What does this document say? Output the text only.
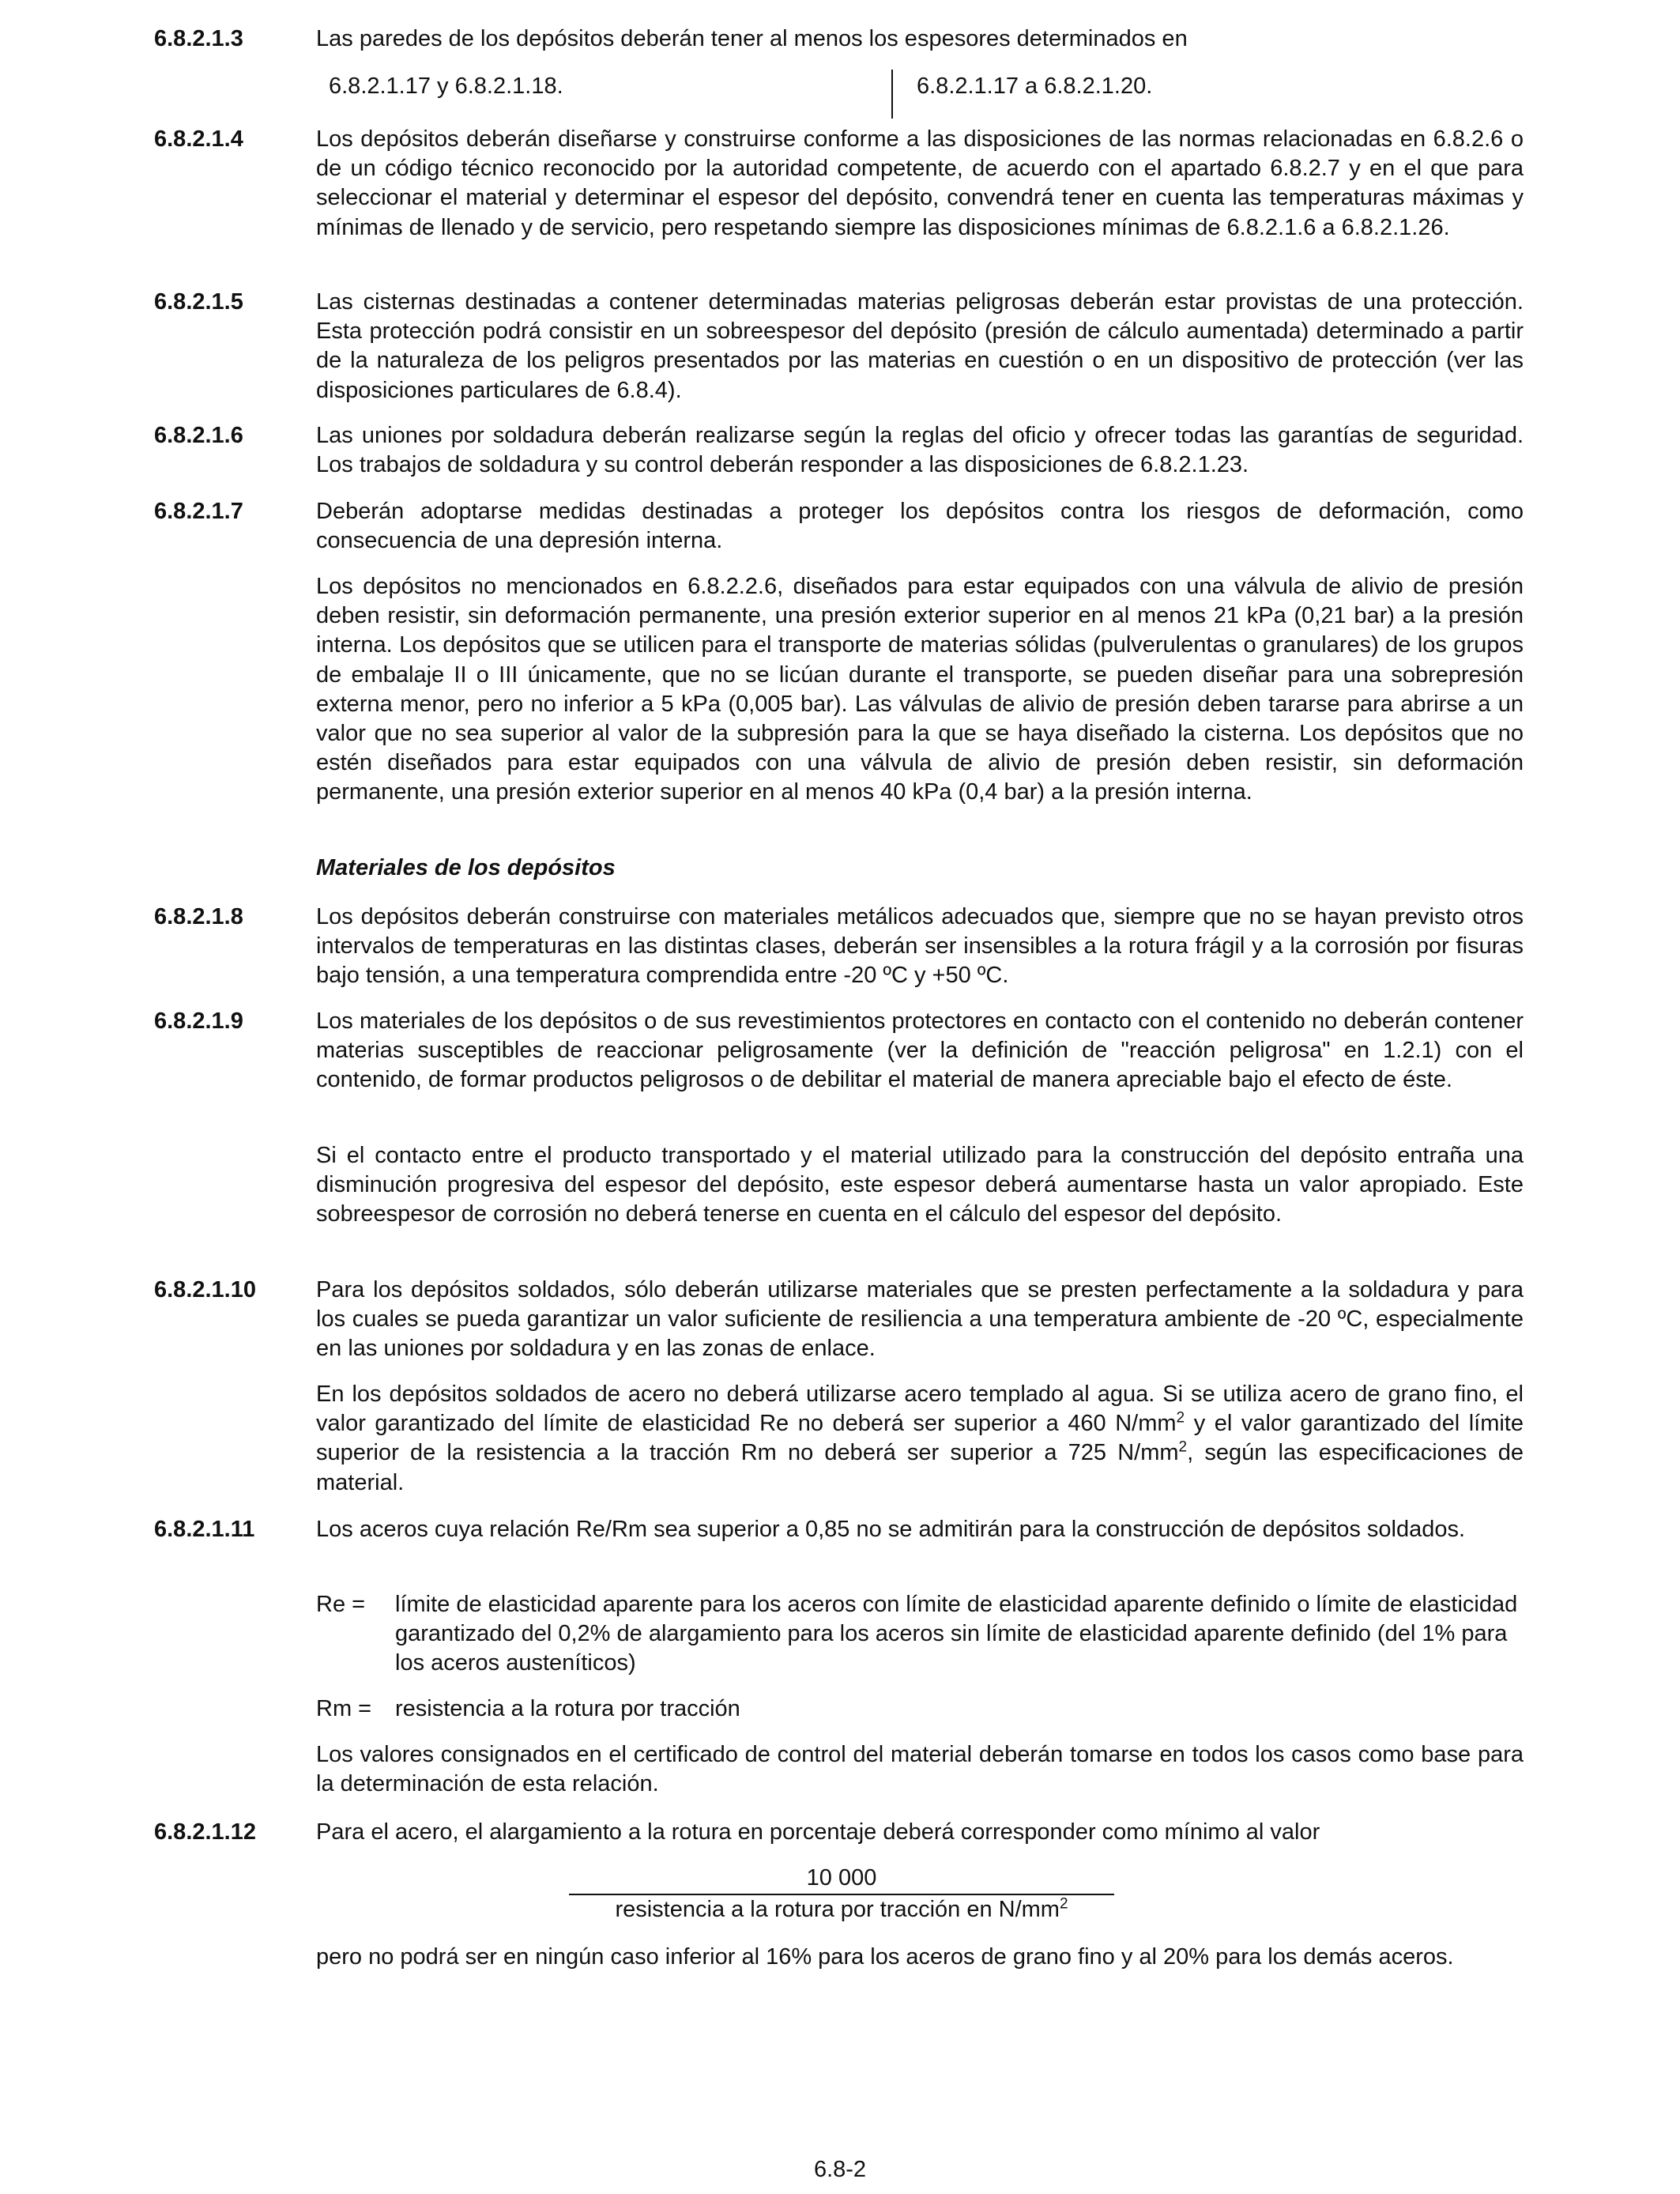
6.8.2.1.3	Las paredes de los depósitos deberán tener al menos los espesores determinados en
6.8.2.1.17 y 6.8.2.1.18.	6.8.2.1.17 a 6.8.2.1.20.
6.8.2.1.4	Los depósitos deberán diseñarse y construirse conforme a las disposiciones de las normas relacionadas en 6.8.2.6 o de un código técnico reconocido por la autoridad competente, de acuerdo con el apartado 6.8.2.7 y en el que para seleccionar el material y determinar el espesor del depósito, convendrá tener en cuenta las temperaturas máximas y mínimas de llenado y de servicio, pero respetando siempre las disposiciones mínimas de 6.8.2.1.6 a 6.8.2.1.26.
6.8.2.1.5	Las cisternas destinadas a contener determinadas materias peligrosas deberán estar provistas de una protección. Esta protección podrá consistir en un sobreespesor del depósito (presión de cálculo aumentada) determinado a partir de la naturaleza de los peligros presentados por las materias en cuestión o en un dispositivo de protección (ver las disposiciones particulares de 6.8.4).
6.8.2.1.6	Las uniones por soldadura deberán realizarse según la reglas del oficio y ofrecer todas las garantías de seguridad. Los trabajos de soldadura y su control deberán responder a las disposiciones de 6.8.2.1.23.
6.8.2.1.7	Deberán adoptarse medidas destinadas a proteger los depósitos contra los riesgos de deformación, como consecuencia de una depresión interna.
Los depósitos no mencionados en 6.8.2.2.6, diseñados para estar equipados con una válvula de alivio de presión deben resistir, sin deformación permanente, una presión exterior superior en al menos 21 kPa (0,21 bar) a la presión interna. Los depósitos que se utilicen para el transporte de materias sólidas (pulverulentas o granulares) de los grupos de embalaje II o III únicamente, que no se licúan durante el transporte, se pueden diseñar para una sobrepresión externa menor, pero no inferior a 5 kPa (0,005 bar). Las válvulas de alivio de presión deben tararse para abrirse a un valor que no sea superior al valor de la subpresión para la que se haya diseñado la cisterna. Los depósitos que no estén diseñados para estar equipados con una válvula de alivio de presión deben resistir, sin deformación permanente, una presión exterior superior en al menos 40 kPa (0,4 bar) a la presión interna.
Materiales de los depósitos
6.8.2.1.8	Los depósitos deberán construirse con materiales metálicos adecuados que, siempre que no se hayan previsto otros intervalos de temperaturas en las distintas clases, deberán ser insensibles a la rotura frágil y a la corrosión por fisuras bajo tensión, a una temperatura comprendida entre -20 ºC y +50 ºC.
6.8.2.1.9	Los materiales de los depósitos o de sus revestimientos protectores en contacto con el contenido no deberán contener materias susceptibles de reaccionar peligrosamente (ver la definición de "reacción peligrosa" en 1.2.1) con el contenido, de formar productos peligrosos o de debilitar el material de manera apreciable bajo el efecto de éste.
Si el contacto entre el producto transportado y el material utilizado para la construcción del depósito entraña una disminución progresiva del espesor del depósito, este espesor deberá aumentarse hasta un valor apropiado. Este sobreespesor de corrosión no deberá tenerse en cuenta en el cálculo del espesor del depósito.
6.8.2.1.10	Para los depósitos soldados, sólo deberán utilizarse materiales que se presten perfectamente a la soldadura y para los cuales se pueda garantizar un valor suficiente de resiliencia a una temperatura ambiente de -20 ºC, especialmente en las uniones por soldadura y en las zonas de enlace.
En los depósitos soldados de acero no deberá utilizarse acero templado al agua. Si se utiliza acero de grano fino, el valor garantizado del límite de elasticidad Re no deberá ser superior a 460 $N/mm^2$ y el valor garantizado del límite superior de la resistencia a la tracción Rm no deberá ser superior a 725 $N/mm^2$, según las especificaciones de material.
6.8.2.1.11	Los aceros cuya relación Re/Rm sea superior a 0,85 no se admitirán para la construcción de depósitos soldados.
Re = límite de elasticidad aparente para los aceros con límite de elasticidad aparente definido o límite de elasticidad garantizado del 0,2% de alargamiento para los aceros sin límite de elasticidad aparente definido (del 1% para los aceros austeníticos)
Rm = resistencia a la rotura por tracción
Los valores consignados en el certificado de control del material deberán tomarse en todos los casos como base para la determinación de esta relación.
6.8.2.1.12	Para el acero, el alargamiento a la rotura en porcentaje deberá corresponder como mínimo al valor
10 000
resistencia a la rotura por tracción en $N/mm^2$
pero no podrá ser en ningún caso inferior al 16% para los aceros de grano fino y al 20% para los demás aceros.
6.8-2
